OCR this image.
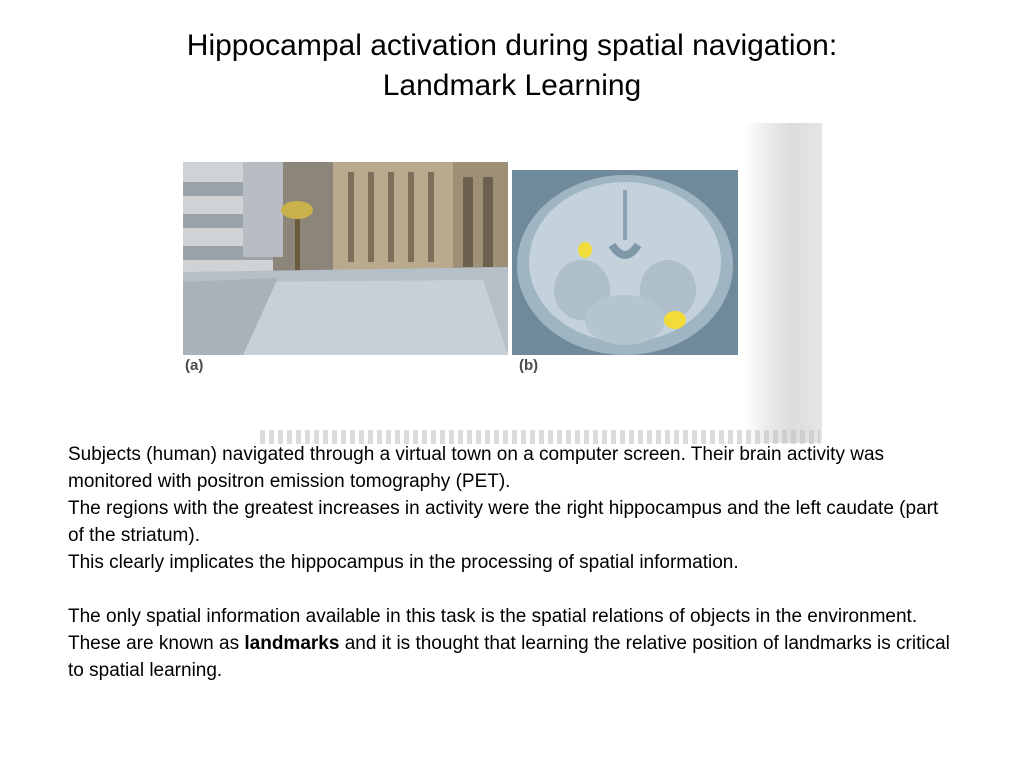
Hippocampal activation during spatial navigation:
Landmark Learning
(a)	(b)

Subjects (human) navigated through a virtual town on a computer screen. Their brain activity was monitored with positron emission tomography (PET).

The regions with the greatest increases in activity were the right hippocampus and the left caudate (part of the striatum).

This clearly implicates the hippocampus in the processing of spatial information.

The only spatial information available in this task is the spatial relations of objects in the environment. These are known as landmarks and it is thought that learning the relative position of landmarks is critical to spatial learning.
